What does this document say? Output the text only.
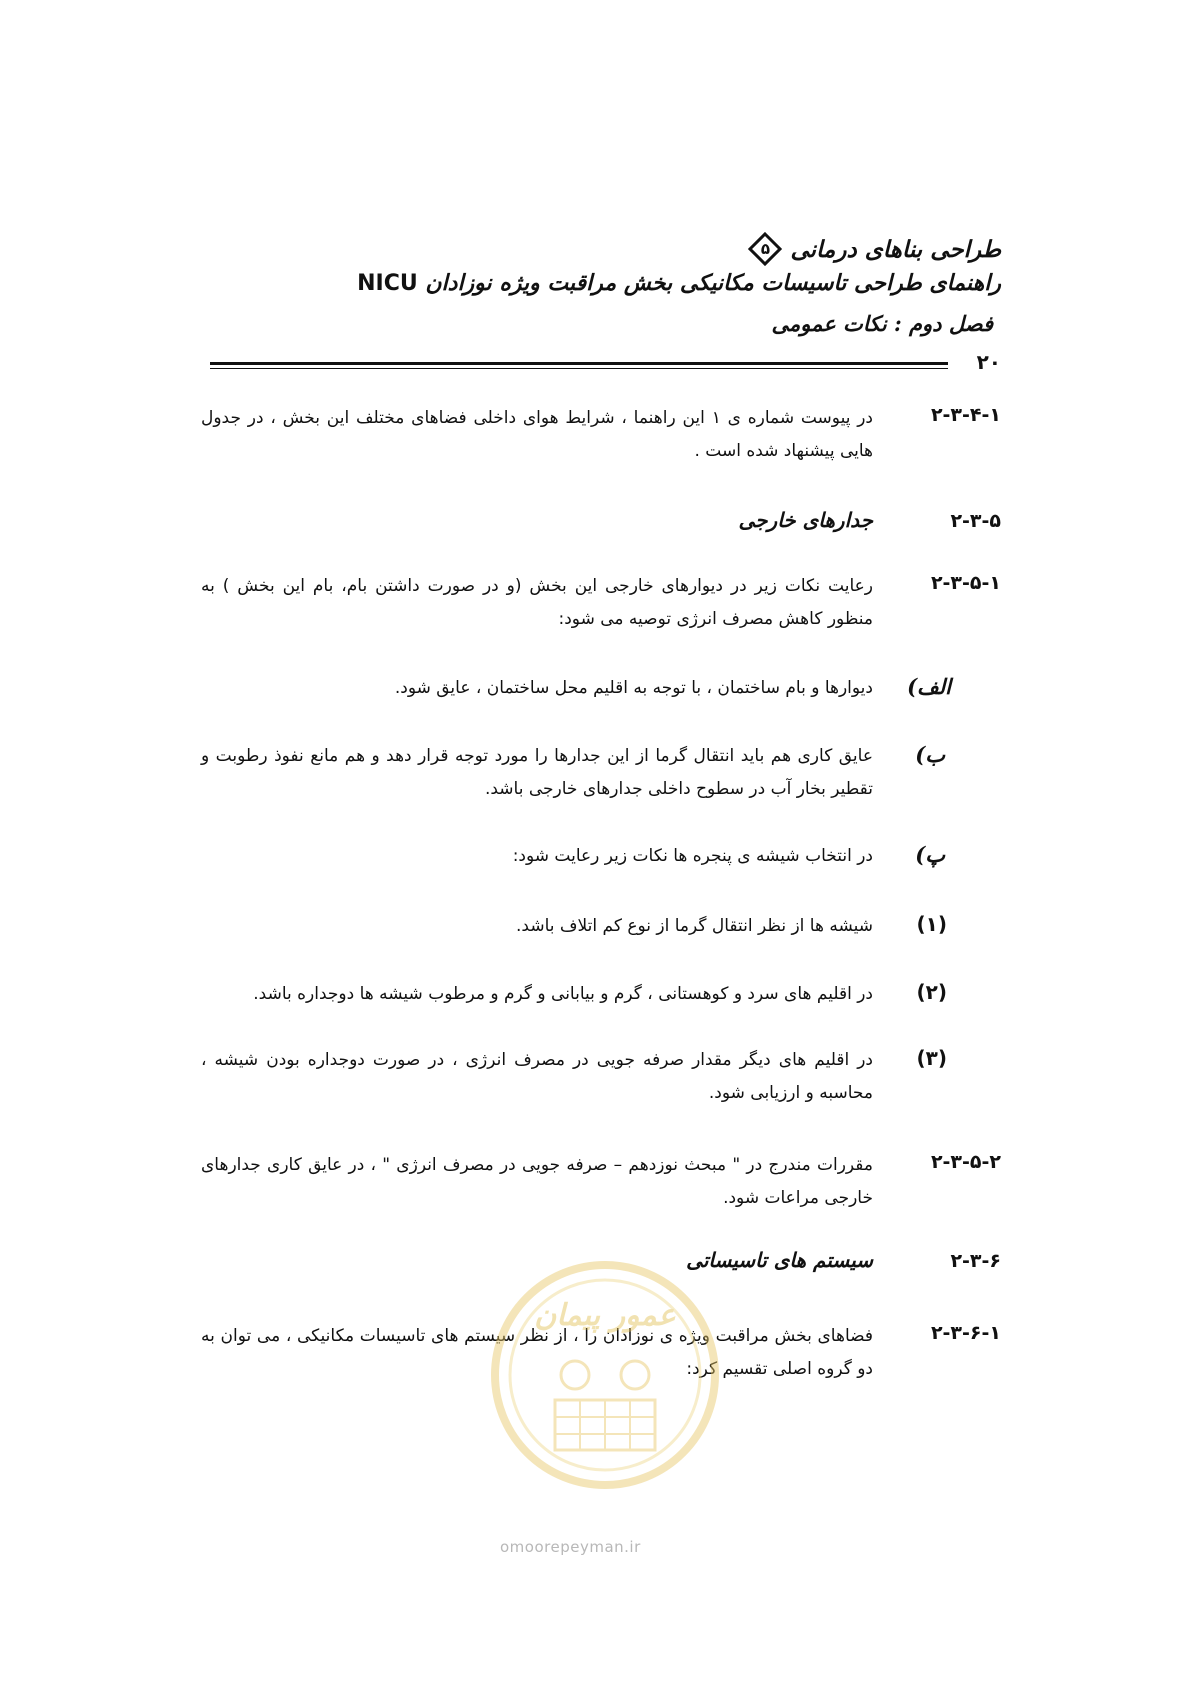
طراحی بناهای درمانی
۵
راهنمای طراحی تاسیسات مکانیکی بخش مراقبت ویژه نوزادان NICU
فصل دوم : نکات عمومی
۲۰
۲-۳-۴-۱
در پیوست شماره ی ۱ این راهنما ، شرایط هوای داخلی فضاهای مختلف این بخش ، در جدول هایی پیشنهاد شده است .
۲-۳-۵
جدارهای خارجی
۲-۳-۵-۱
رعایت نکات زیر در دیوارهای خارجی این بخش (و در صورت داشتن بام، بام این بخش ) به منظور کاهش مصرف انرژی توصیه می شود:
الف)
دیوارها و بام ساختمان ، با توجه به اقلیم محل ساختمان ، عایق شود.
ب)
عایق کاری هم باید انتقال گرما از این جدارها را مورد توجه قرار دهد و هم مانع نفوذ رطوبت و تقطیر بخار آب در سطوح داخلی جدارهای خارجی باشد.
پ)
در انتخاب شیشه ی پنجره ها نکات زیر رعایت شود:
(۱)
شیشه ها از نظر انتقال گرما از نوع کم اتلاف باشد.
(۲)
در اقلیم های سرد و کوهستانی ، گرم و بیابانی و گرم و مرطوب شیشه ها دوجداره باشد.
(۳)
در اقلیم های دیگر مقدار صرفه جویی در مصرف انرژی ، در صورت دوجداره بودن شیشه ، محاسبه و ارزیابی شود.
۲-۳-۵-۲
مقررات مندرج در " مبحث نوزدهم – صرفه جویی در مصرف انرژی " ، در عایق کاری جدارهای خارجی مراعات شود.
۲-۳-۶
سیستم های تاسیساتی
۲-۳-۶-۱
فضاهای بخش مراقبت ویژه ی نوزادان را ، از نظر سیستم های تاسیسات مکانیکی ، می توان به دو گروه اصلی تقسیم کرد:
عمور پیمان
omoorepeyman.ir
